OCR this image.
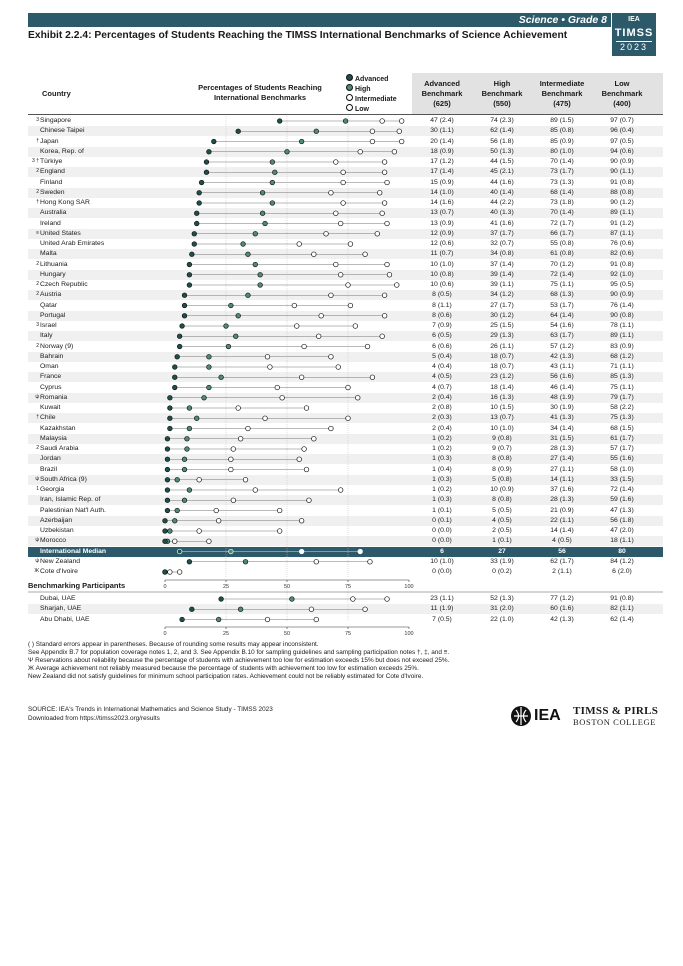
Science • Grade 8	IEA
TIMSS
2023
Exhibit 2.2.4: Percentages of Students Reaching the TIMSS International Benchmarks of Science Achievement
Country
Percentages of Students Reaching
International Benchmarks
Advanced
High
Intermediate
Low
Advanced
Benchmark
(625)
High
Benchmark
(550)
Intermediate
Benchmark
(475)
Low
Benchmark
(400)
3 Singapore	47 (2.4)	74 (2.3)	89 (1.5)	97 (0.7)
Chinese Taipei	30 (1.1)	62 (1.4)	85 (0.8)	96 (0.4)
† Japan	20 (1.4)	56 (1.8)	85 (0.9)	97 (0.5)
Korea, Rep. of	18 (0.9)	50 (1.3)	80 (1.0)	94 (0.6)
3 † Türkiye	17 (1.2)	44 (1.5)	70 (1.4)	90 (0.9)
2 England	17 (1.4)	45 (2.1)	73 (1.7)	90 (1.1)
Finland	15 (0.9)	44 (1.6)	73 (1.3)	91 (0.8)
2 Sweden	14 (1.0)	40 (1.4)	68 (1.4)	88 (0.8)
† Hong Kong SAR	14 (1.6)	44 (2.2)	73 (1.8)	90 (1.2)
Australia	13 (0.7)	40 (1.3)	70 (1.4)	89 (1.1)
Ireland	13 (0.9)	41 (1.6)	72 (1.7)	91 (1.2)
≡ United States	12 (0.9)	37 (1.7)	66 (1.7)	87 (1.1)
United Arab Emirates	12 (0.6)	32 (0.7)	55 (0.8)	76 (0.6)
Malta	11 (0.7)	34 (0.8)	61 (0.8)	82 (0.6)
2 Lithuania	10 (1.0)	37 (1.4)	70 (1.2)	91 (0.8)
Hungary	10 (0.8)	39 (1.4)	72 (1.4)	92 (1.0)
2 Czech Republic	10 (0.6)	39 (1.1)	75 (1.1)	95 (0.5)
2 Austria	8 (0.5)	34 (1.2)	68 (1.3)	90 (0.9)
Qatar	8 (1.1)	27 (1.7)	53 (1.7)	76 (1.4)
Portugal	8 (0.6)	30 (1.2)	64 (1.4)	90 (0.8)
3 Israel	7 (0.9)	25 (1.5)	54 (1.6)	78 (1.1)
Italy	6 (0.5)	29 (1.3)	63 (1.7)	89 (1.1)
2 Norway (9)	6 (0.6)	26 (1.1)	57 (1.2)	83 (0.9)
Bahrain	5 (0.4)	18 (0.7)	42 (1.3)	68 (1.2)
Oman	4 (0.4)	18 (0.7)	43 (1.1)	71 (1.1)
France	4 (0.5)	23 (1.2)	56 (1.6)	85 (1.3)
Cyprus	4 (0.7)	18 (1.4)	46 (1.4)	75 (1.1)
ψ Romania	2 (0.4)	16 (1.3)	48 (1.9)	79 (1.7)
Kuwait	2 (0.8)	10 (1.5)	30 (1.9)	58 (2.2)
† Chile	2 (0.3)	13 (0.7)	41 (1.3)	75 (1.3)
Kazakhstan	2 (0.4)	10 (1.0)	34 (1.4)	68 (1.5)
Malaysia	1 (0.2)	9 (0.8)	31 (1.5)	61 (1.7)
2 Saudi Arabia	1 (0.2)	9 (0.7)	28 (1.3)	57 (1.7)
Jordan	1 (0.3)	8 (0.8)	27 (1.4)	55 (1.6)
Brazil	1 (0.4)	8 (0.9)	27 (1.1)	58 (1.0)
ψ South Africa (9)	1 (0.3)	5 (0.8)	14 (1.1)	33 (1.5)
1 Georgia	1 (0.2)	10 (0.9)	37 (1.6)	72 (1.4)
Iran, Islamic Rep. of	1 (0.3)	8 (0.8)	28 (1.3)	59 (1.6)
Palestinian Nat'l Auth.	1 (0.1)	5 (0.5)	21 (0.9)	47 (1.3)
Azerbaijan	0 (0.1)	4 (0.5)	22 (1.1)	56 (1.8)
Uzbekistan	0 (0.0)	2 (0.5)	14 (1.4)	47 (2.0)
ψ Morocco	0 (0.0)	1 (0.1)	4 (0.5)	18 (1.1)
International Median	6	27	56	80
ψ New Zealand	10 (1.0)	33 (1.9)	62 (1.7)	84 (1.2)
Ж Cote d'Ivoire	0 (0.0)	0 (0.2)	2 (1.1)	6 (2.0)
Benchmarking Participants
Dubai, UAE	23 (1.1)	52 (1.3)	77 (1.2)	91 (0.8)
Sharjah, UAE	11 (1.9)	31 (2.0)	60 (1.6)	82 (1.1)
Abu Dhabi, UAE	7 (0.5)	22 (1.0)	42 (1.3)	62 (1.4)
0	25	50	75	100
0	25	50	75	100
( ) Standard errors appear in parentheses. Because of rounding some results may appear inconsistent.
See Appendix B.7 for population coverage notes 1, 2, and 3. See Appendix B.10 for sampling guidelines and sampling participation notes †, ‡, and ≡.
Ψ Reservations about reliability because the percentage of students with achievement too low for estimation exceeds 15% but does not exceed 25%.
Ж Average achievement not reliably measured because the percentage of students with achievement too low for estimation exceeds 25%.
New Zealand did not satisfy guidelines for minimum school participation rates. Achievement could not be reliably estimated for Cote d'Ivoire.
SOURCE: IEA's Trends in International Mathematics and Science Study - TIMSS 2023
Downloaded from https://timss2023.org/results	IEA TIMSS & PIRLS
BOSTON COLLEGE
